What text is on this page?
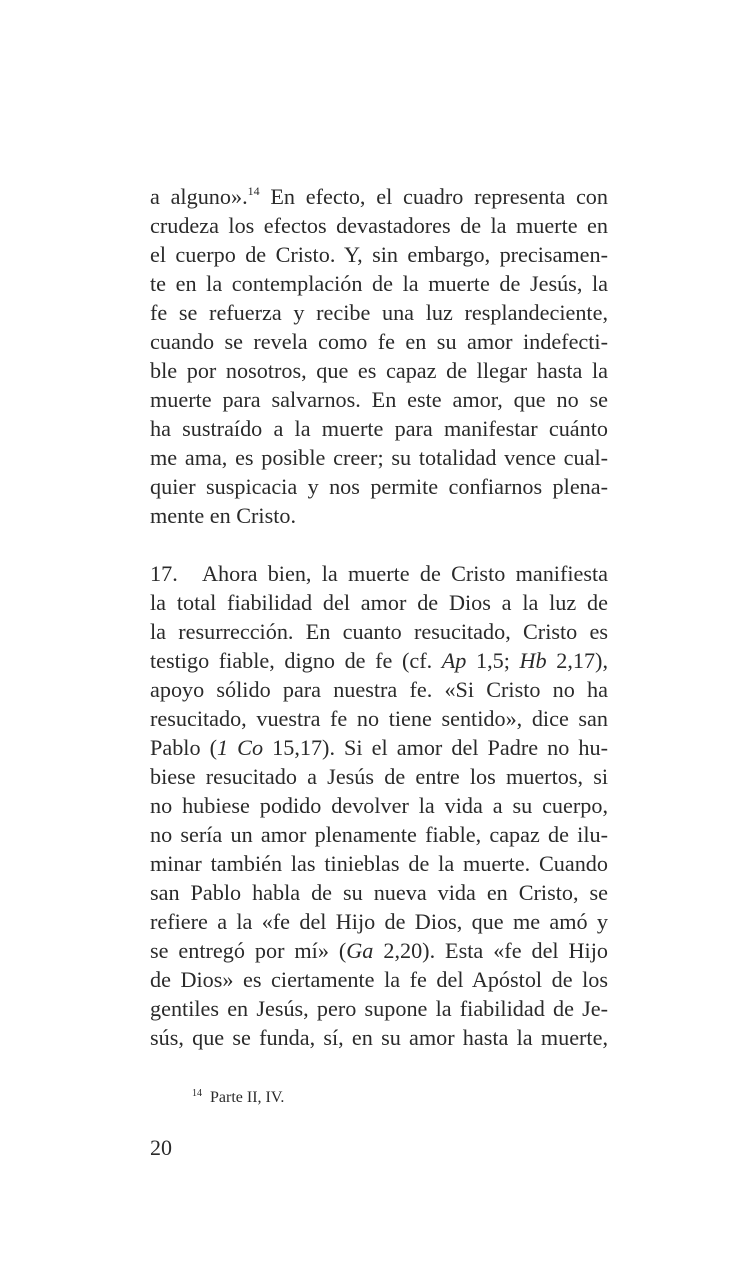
a alguno».$^{14}$ En efecto, el cuadro representa con
crudeza los efectos devastadores de la muerte en
el cuerpo de Cristo. Y, sin embargo, precisamen-
te en la contemplación de la muerte de Jesús, la
fe se refuerza y recibe una luz resplandeciente,
cuando se revela como fe en su amor indefecti-
ble por nosotros, que es capaz de llegar hasta la
muerte para salvarnos. En este amor, que no se
ha sustraído a la muerte para manifestar cuánto
me ama, es posible creer; su totalidad vence cual-
quier suspicacia y nos permite confiarnos plena-
mente en Cristo.
17. Ahora bien, la muerte de Cristo manifiesta
la total fiabilidad del amor de Dios a la luz de
la resurrección. En cuanto resucitado, Cristo es
testigo fiable, digno de fe (cf. Ap 1,5; Hb 2,17),
apoyo sólido para nuestra fe. «Si Cristo no ha
resucitado, vuestra fe no tiene sentido», dice san
Pablo (1 Co 15,17). Si el amor del Padre no hu-
biese resucitado a Jesús de entre los muertos, si
no hubiese podido devolver la vida a su cuerpo,
no sería un amor plenamente fiable, capaz de ilu-
minar también las tinieblas de la muerte. Cuando
san Pablo habla de su nueva vida en Cristo, se
refiere a la «fe del Hijo de Dios, que me amó y
se entregó por mí» (Ga 2,20). Esta «fe del Hijo
de Dios» es ciertamente la fe del Apóstol de los
gentiles en Jesús, pero supone la fiabilidad de Je-
sús, que se funda, sí, en su amor hasta la muerte,
$^{14}$ Parte II, IV.
20
